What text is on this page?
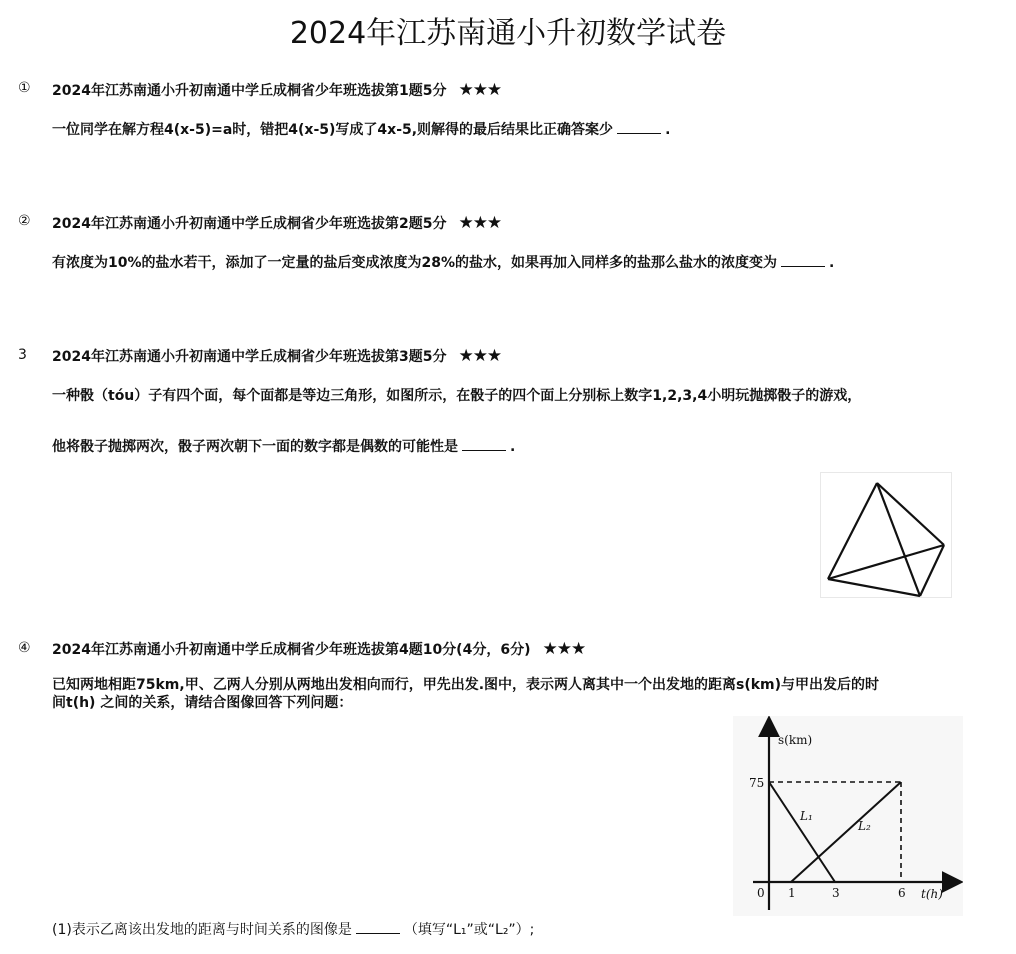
2024年江苏南通小升初数学试卷
① 2024年江苏南通小升初南通中学丘成桐省少年班选拔第1题5分 ★★★
一位同学在解方程4(x-5)=a时，错把4(x-5)写成了4x-5,则解得的最后结果比正确答案少	.
② 2024年江苏南通小升初南通中学丘成桐省少年班选拔第2题5分 ★★★
有浓度为10%的盐水若干，添加了一定量的盐后变成浓度为28%的盐水，如果再加入同样多的盐那么盐水的浓度变为	.
3 2024年江苏南通小升初南通中学丘成桐省少年班选拔第3题5分 ★★★
一种骰（tóu）子有四个面，每个面都是等边三角形，如图所示，在骰子的四个面上分别标上数字1,2,3,4小明玩抛掷骰子的游戏，
他将骰子抛掷两次，骰子两次朝下一面的数字都是偶数的可能性是	.
④ 2024年江苏南通小升初南通中学丘成桐省少年班选拔第4题10分(4分，6分) ★★★
已知两地相距75km,甲、乙两人分别从两地出发相向而行，甲先出发.图中，表示两人离其中一个出发地的距离s(km)与甲出发后的时
间t(h) 之间的关系，请结合图像回答下列问题：
(1)表示乙离该出发地的距离与时间关系的图像是	（填写“L₁”或“L₂”）;
s(km)
t(h)
0
75
1	3	6
L₁
L₂
